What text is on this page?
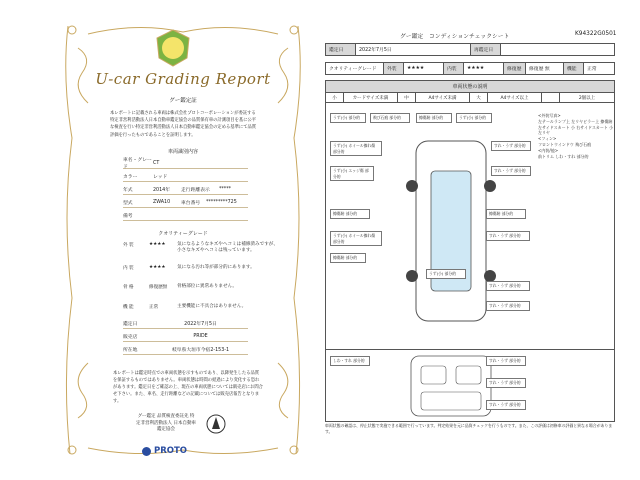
U-car Grading Report
グー鑑定証
本レポートに記載される車両は株式会社プロトコーポレーションが委託する特定非営利活動法人日本自動車鑑定協会の品質保有車の計測項目を基に公平な検査を行い特定非営利活動法人日本自動車鑑定協会の定める基準にて品質評価を行ったものであることを証明します。
車両識別内容
車名・グレード
CT
カラー	レッド
年式	2014年	走行距離表示	*****
型式	ZWA10	車台番号	*********725
備考
クオリティーグレード
外 装	★★★★	気になるようなキズやヘコミは補修済みですが、小さなキズやヘコミは残っています。
内 装	★★★★	気になる汚れ等が部分的にあります。
骨 格	修復歴無	骨格部位に異常ありません。
機 能	正常	主要機能に不具合はありません。
鑑定日	2022年7月5日
販売店	PRIDE
所在地	岐阜県大垣市今宿2-153-1
本レポートは鑑定時点での車両状態を示すものであり、以降発生したる品質を保証するものではありません。車両状態は時間の経過により変化する恐れがあります。鑑定日をご確認の上、現在の車両状態については販売店にお問合せ下さい。また、車名、走行距離などの記載については販売店報告となります。
グー鑑定 品質検査委託先 特定非営利活動法人 日本自動車鑑定協会
PROTO
グー鑑定　コンディションチェックシート	K94322G0501
鑑定日	2022年7月5日	再鑑定日	
クオリティーグレード	外装	★★★★	内装	★★★★	修復歴	修復歴 無	機能	正常
車両状態の説明
小	カードサイズ未満	中	A4サイズ未満	大	A4サイズ以上	2個以上
うず(小) 部分的	飛び石痕 部分的	擦傷跡 部分的	うず(小) 部分的
うず(小) ホイール擦れ傷 部分的
すれ・うず 部分的
うず(小) エッジ傷 部分的
すれ・うず 部分的
擦傷跡 部分的	擦傷跡 部分的
うず(小) ホイール擦れ傷 部分的
すれ・うず 部分的
擦傷跡 部分的
うず(小) 部分的
すれ・うず 部分的
すれ・うず 部分的
<外装写真>
左テールランプ上 左リヤピラー上 擦傷跡
左サイドスカート 小 右サイドスカート 小 左リヤ
<フィン>
フロントウインドウ 飛び石痕
<内装/他>
前トリム しわ・すれ 部分的
しわ・すれ 部分的	すれ・うず 部分的
すれ・うず 部分的
すれ・うず 部分的
車両状態の確認は、停止状態で実施できる範囲で行っています。判定結果を元に品質チェックを行うものです。また、この評価は初修車の評価と異なる場合があります。
